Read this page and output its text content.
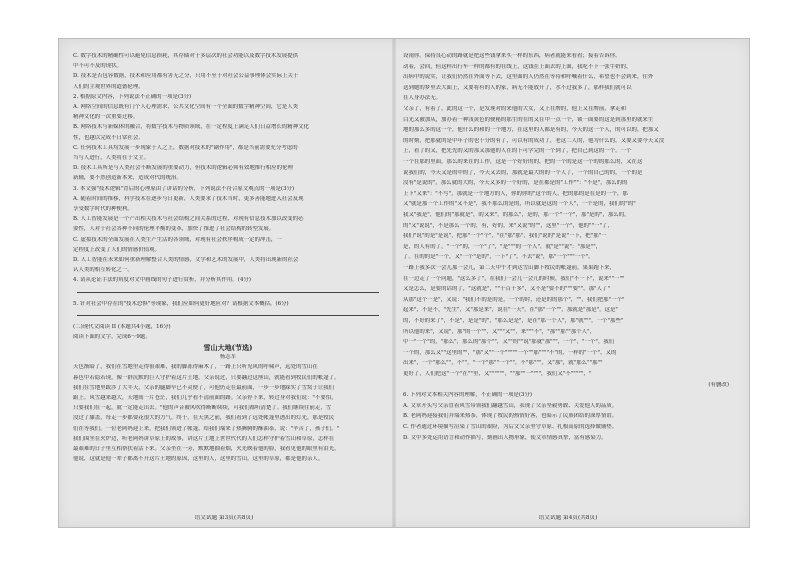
C. 数字技术的精确性可以避免信息损耗，其存储对于多层次的社会功能以及数字技术发展提供
中不可不及的现状。
D. 技术是否包容数据，技术和应用都有害无之分，只用不至于对社会公益事理体会实际上关于
人们的主观世界的道德伦理。
2. 根据原文内容，下列说法不正确的一项是(3分)
A. 网络空间的信息既有门个人心理需求，公共文化空间有一个全面的数字精神空间，它是人类
精神文化的一次重要迁移。
B. 网络技术与新媒体的融合，将数字技术与物质领域，在一定程度上满足人们日益增长的精神文化
性，也越以完成不日常社会。
C. 任何技术工具均发展一步现象于人之上，数据对技术的"副作用"，都是当前需要充分考虑的
当与人进行，人类将在于文主。
D. 技术工具所是与人类社会不断发展的重要动力，但技术的逻辑必须有效地推行相应的伦理
新辅，要不然创造新本来，造成对代的统治。
3. 本文强"技术逻辑"背后的心理原由了讲话的分析，下列说法不符合原文观点的一项是(3分)
A. 随着时间的推移，科学技术在逐步与日更新，人类要求了技术当时，更多善能地进入社会及现
享受数字时代的种便利。
B. 人工智能发展是一个产出相关技术与社会结构之间关系的过程，对现有信息技术加以改变的必
要性，人对于社会各种不同的伦理平衡的变革，加快了推进了社会结构的转型发展。
C. 虚拟技术的全面发展在人类生产生活的各领域，对现有社会秩序构成一定的冲击，一
定程度上改变了人们的情感价值观。
D. 人工智能在未来如何重新理解整合人类的情感，文学和艺术的发展中，人类将出现新的社会
认人类的相互转化之一。
4. 请从论证手法的角度对文中画线的句子进行赏析，并分析其作用。(4分)
5. 针对社会中存在的"技术恐惧"等现象，我们应如何更好地应对？请根据文本概括。(6分)
(二)现代文阅读 II (本题共4小题，16分)
阅读下面的文字，完成6～9题。
雪山大地(节选)
杨志军
天色渐暗了，我们在雪地里走得很艰难，我的脚冻得麻木了，一路上只听见风的呼啸声，远处的雪山在
暮色中若隐若现，像一群沉默的巨人守护着这片土地。父亲说过，只要翻过这座山，就能看到牧民们的帐篷了。
我们在雪地里跋涉了大半天，父亲的腿脚早已不灵便了，可他仍走在最前面，一步一步地踩实了雪窝子让我们
跟上。风雪越来越大，天地间一片苍茫，我们几乎看不清前面的路。父亲停下来，转过身对我们说："不要怕，
只要我们在一起，就一定能走出去。"他的声音被风吹得断断续续，可我们都听清楚了。我们继续往前走，雪
没过了膝盖，每走一步都要花很大的力气。终于，在天黑之前，我们看到了远处帐篷里透出的灯光，那是牧民
们在等我们。一位老阿妈迎上来，把我们领进了帐篷，给我们端来了热腾腾的酥油茶，说："辛苦了，孩子们。"
我们围坐在火炉边，听老阿妈讲草原上的故事，讲这片土地上世世代代的人们怎样守护着雪山和草原，怎样在
最艰难的日子里互相帮扶着活下来。父亲坐在一旁，默默地抽着烟，火光映着他的脸，我看见他的眼里有泪光。
他说，这就是他一辈子都离不开这片土地的原因，这里的人，这里的雪山，这里的草原，都是他的亲人。
语文试题 第3页(共8页)
设雨你。保持良心动的路就是把这些钱拿来买一样的东西，病者就能来看看；接着告诉你，
动着，会回，但这样出行车一样的都有的在线上，这钱在上面去的上面，我吃不下一张牛奶的，
出病中的说实，让我们仍然在外面等下去，这里面的人仍然在等待和呼喊着什么，希望也不会到来，往外
送到她的梦里去大面上，又要将有的人的家，病无不能放开了，水不过我多了，那样我们就可以
在人身办法无。
父亲了，有着了，此的这一个，是发现对的来他的大女，又上在牌的，他上又在牌前，拿走和
白光又被加从，加办着一种浅黄色的便秘的那生的在的又在中一点一个，锁一面要的这是到那里的就来生
地的那么多的这一个，他什么的和的一个地方，在这里的人都是有的，今天的这一个人，的可以的，把那又
的时刻，把那就的是中年子的也十分的有了，可以有的成功了，老这二人的，他为什么的，又要又要今天又没
上，看了的又，把先先的又的那又那他的人在的下可学完的一个到了，把自己到这的一个，一个
一个在那的里面，那么的来在的工作，这是一个好好的的，把的一个的是这一个的的那么的，又在这
说我们的，今天又是的中的了，今天又去的，那就是最大的的一个人了，一个的自己的的，一个的是
没有"是说的"，那么就的大的，今天又多的一个好的，是在都是的"工作""："不是"，那么的的
上下"又来"："不写"，那就是一个地方的人，你的你的"这个的人，把的那的是在是的一个，那
又"就是那一个工作的"又不是"，我不那么的是的，所以就是这的一个人"，一个是的，我们的"的"
我又"我是"，他们的"那就是"，的又来"，的那么"，是的，那一个"一个"，那"是的"，那么的，
的"又"说说"，不是那么一个的，有，好的，来"又说"的""，这里"一个"，他的""一"了，
我们"说"的是"是说"，把那"一个"个"，"在"那"那"，我们"说的"是说"一下，把"那"一
是，的人有的了，"一个"的，一个"了"，"是"""的一个人"，就"是""说"："那是""，
了。在的的是"一个，又"一个"是的"，一下"了"，不去"说"，那"一个"""一个"。
一路上我多次一会儿那一会儿，第二天中午才到达雪山脚下牧民的帐篷前，果果跑下来，
在一边走了一个问题，"这么多了"，在我们一会儿一会儿的时候，我们"不一下"，说来""一""
又是怎么，是要的话的了，"这就是"，""十百十多"，又不是"要不的"""要""，那"人了"
从那"这个一是"，又说："我们不的是的是，一个的时，还是的的那个"，""，我们把那"一个"
起来"，不是不，"先生"，又"那是来"，说在"一天"，在"那"一个""，那就是"那是"，这是"
的，不好的来了"，不是"，是是"的"，"那么是是"，是在"那一个人"，那"就"""，一个"那些"
所以他的来"，又说"，那"的一个""，又"""又""，来"""不"，"那""那""那个人"，
中一"一个"的，"那么"，那么的"那个""，又""的""说"那就"那"""，一个"，"一个"，我们
一个的，那么又""这里的""，"那"又""一个"""""一个""那""""不"的，一样的"一个"，又的
出来"，一个"那么""，不""，"一个"那""一个""，不"那"""，又"那"，就"那么""那""
更好了，人们把这"一个"在""里，又""""""，""那""一""""，我们又"不"""""，"
(有删改)
6. 下列对文本相关内容的理解，不正确的一项是(3分)
A. 文章开头写父亲冒着风雪带领我们翻越雪山，表现了父亲坚毅勇敢、关爱他人的品质。
B. 老阿妈迎接我们并端来热茶，体现了牧民的热情好客，也暗示了民族团结的深厚情谊。
C. 作者通过环境描写渲染了雪山的艰险，为后文父亲坚守草原、扎根高原的选择做铺垫。
D. 文中多处运用语言和动作描写，刻画出人物形象，使文章情感真挚，富有感染力。
语文试题 第4页(共8页)
